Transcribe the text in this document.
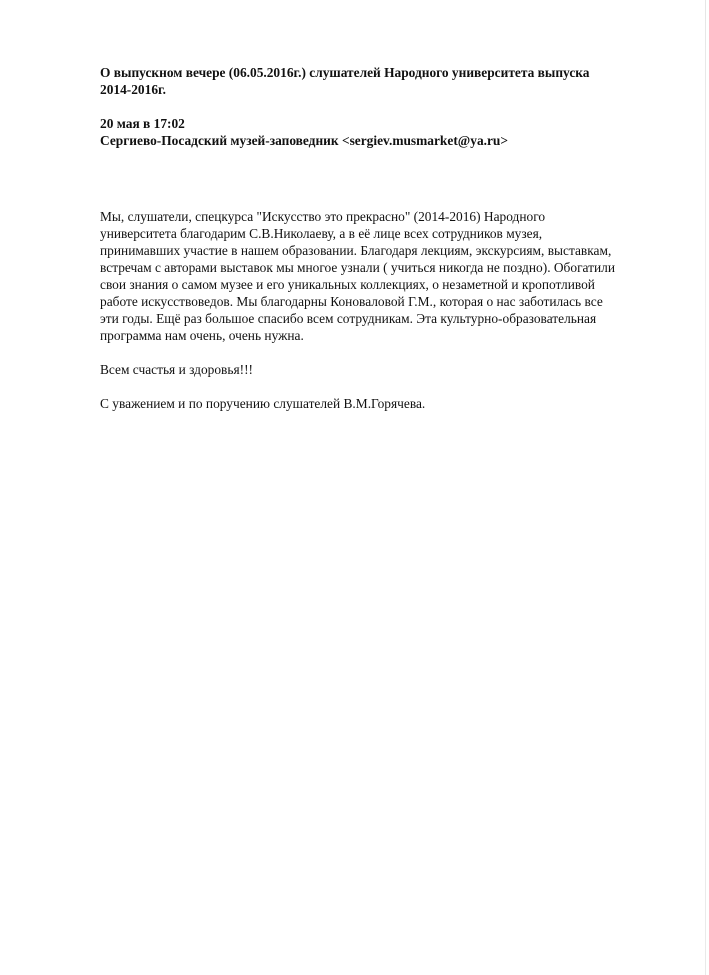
О выпускном вечере (06.05.2016г.) слушателей Народного университета выпуска
2014-2016г.
20 мая в 17:02
Сергиево-Посадский музей-заповедник <sergiev.musmarket@ya.ru>

Мы, слушатели, спецкурса "Искусство это прекрасно" (2014-2016) Народного
университета благодарим С.В.Николаеву, а в её лице всех сотрудников музея,
принимавших участие в нашем образовании. Благодаря лекциям, экскурсиям, выставкам,
встречам с авторами выставок мы многое узнали ( учиться никогда не поздно). Обогатили
свои знания о самом музее и его уникальных коллекциях, о незаметной и кропотливой
работе искусствоведов. Мы благодарны Коноваловой Г.М., которая о нас заботилась все
эти годы. Ещё раз большое спасибо всем сотрудникам. Эта культурно-образовательная
программа нам очень, очень нужна.

Всем счастья и здоровья!!!

С уважением и по поручению слушателей В.М.Горячева.
